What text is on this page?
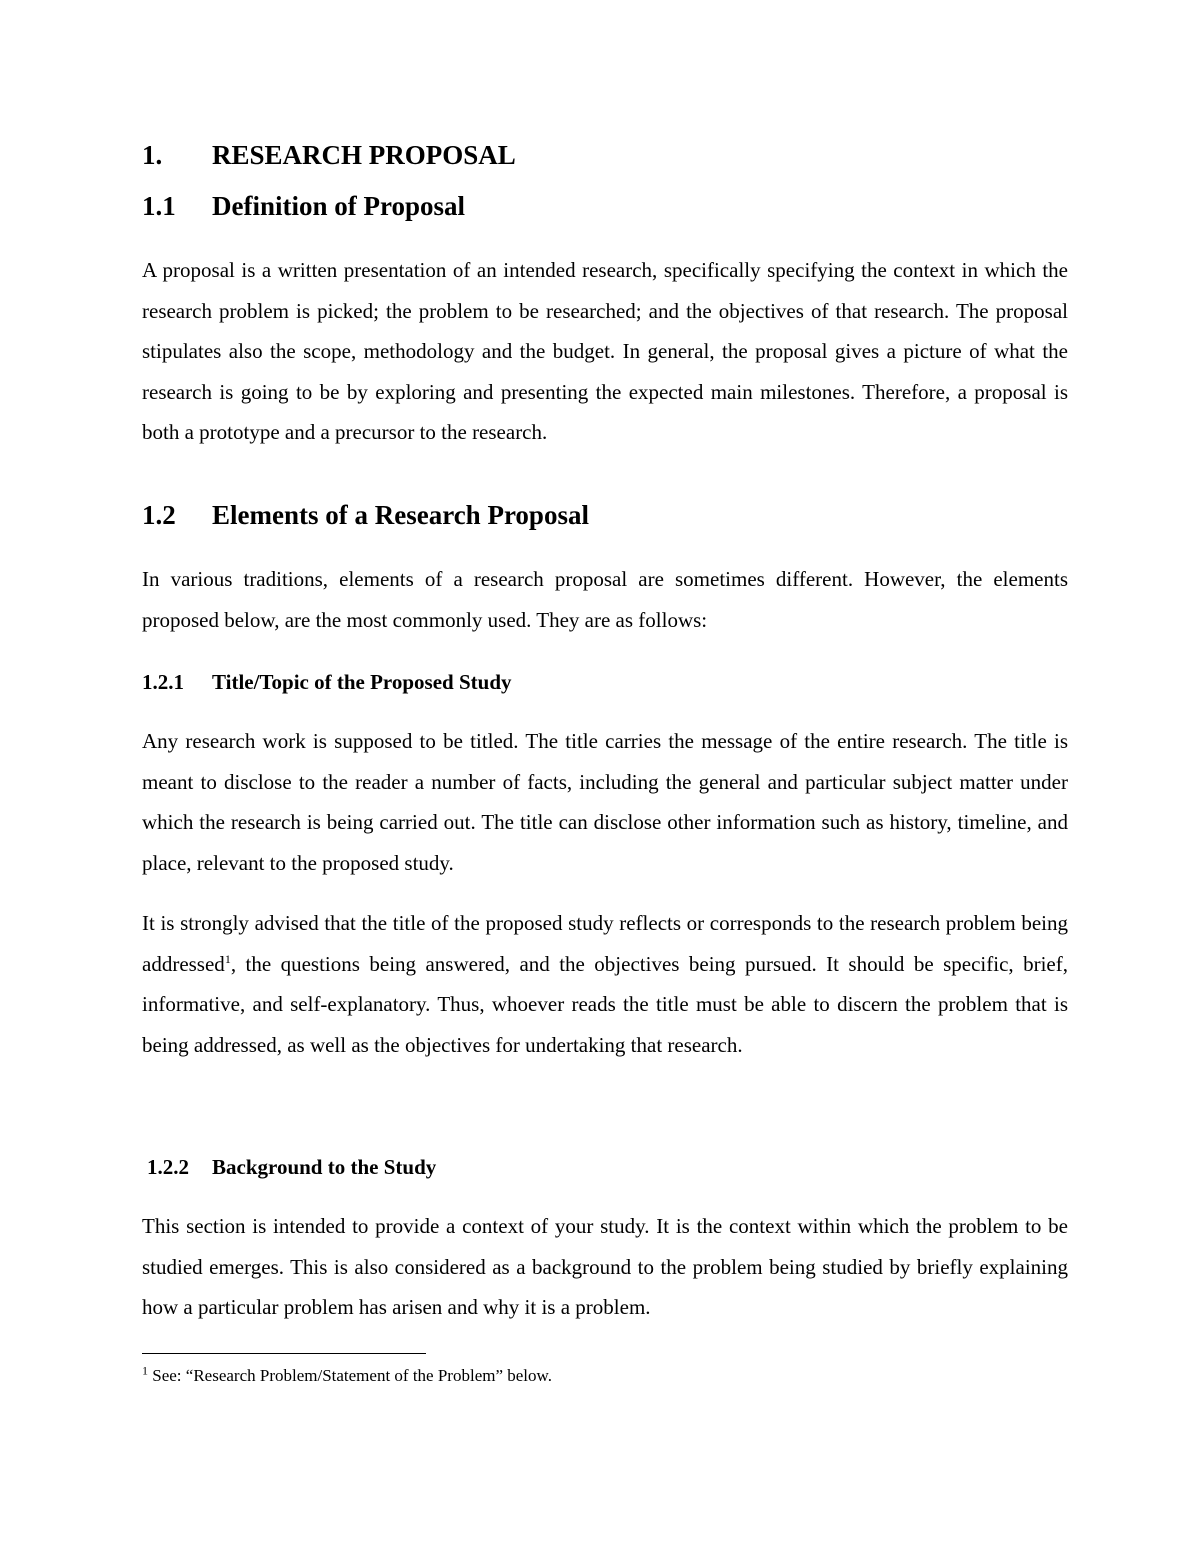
1. RESEARCH PROPOSAL
1.1 Definition of Proposal

A proposal is a written presentation of an intended research, specifically specifying the context in which the research problem is picked; the problem to be researched; and the objectives of that research. The proposal stipulates also the scope, methodology and the budget. In general, the proposal gives a picture of what the research is going to be by exploring and presenting the expected main milestones. Therefore, a proposal is both a prototype and a precursor to the research.

1.2 Elements of a Research Proposal

In various traditions, elements of a research proposal are sometimes different. However, the elements proposed below, are the most commonly used. They are as follows:

1.2.1 Title/Topic of the Proposed Study

Any research work is supposed to be titled. The title carries the message of the entire research. The title is meant to disclose to the reader a number of facts, including the general and particular subject matter under which the research is being carried out. The title can disclose other information such as history, timeline, and place, relevant to the proposed study.

It is strongly advised that the title of the proposed study reflects or corresponds to the research problem being addressed$^1$, the questions being answered, and the objectives being pursued. It should be specific, brief, informative, and self-explanatory. Thus, whoever reads the title must be able to discern the problem that is being addressed, as well as the objectives for undertaking that research.

1.2.2 Background to the Study

This section is intended to provide a context of your study. It is the context within which the problem to be studied emerges. This is also considered as a background to the problem being studied by briefly explaining how a particular problem has arisen and why it is a problem.

$^1$ See: “Research Problem/Statement of the Problem” below.
